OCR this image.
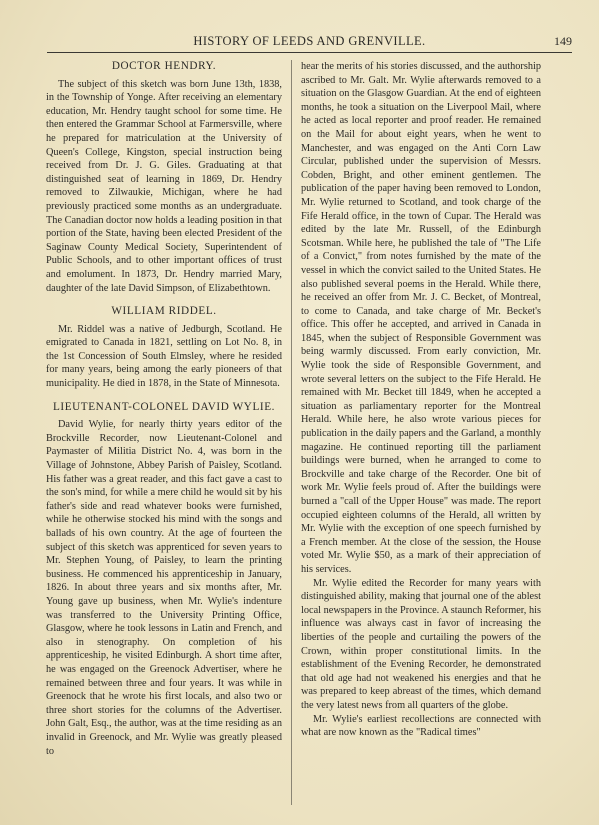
HISTORY OF LEEDS AND GRENVILLE.	149
DOCTOR HENDRY.

The subject of this sketch was born June 13th, 1838, in the Township of Yonge. After receiving an elementary education, Mr. Hendry taught school for some time. He then entered the Grammar School at Farmersville, where he prepared for matriculation at the University of Queen's College, Kingston, special instruction being received from Dr. J. G. Giles. Graduating at that distinguished seat of learning in 1869, Dr. Hendry removed to Zilwaukie, Michigan, where he had previously practiced some months as an undergraduate. The Canadian doctor now holds a leading position in that portion of the State, having been elected President of the Saginaw County Medical Society, Superintendent of Public Schools, and to other important offices of trust and emolument. In 1873, Dr. Hendry married Mary, daughter of the late David Simpson, of Elizabethtown.

WILLIAM RIDDEL.

Mr. Riddel was a native of Jedburgh, Scotland. He emigrated to Canada in 1821, settling on Lot No. 8, in the 1st Concession of South Elmsley, where he resided for many years, being among the early pioneers of that municipality. He died in 1878, in the State of Minnesota.

LIEUTENANT-COLONEL DAVID WYLIE.

David Wylie, for nearly thirty years editor of the Brockville Recorder, now Lieutenant-Colonel and Paymaster of Militia District No. 4, was born in the Village of Johnstone, Abbey Parish of Paisley, Scotland. His father was a great reader, and this fact gave a cast to the son's mind, for while a mere child he would sit by his father's side and read whatever books were furnished, while he otherwise stocked his mind with the songs and ballads of his own country. At the age of fourteen the subject of this sketch was apprenticed for seven years to Mr. Stephen Young, of Paisley, to learn the printing business. He commenced his apprenticeship in January, 1826. In about three years and six months after, Mr. Young gave up business, when Mr. Wylie's indenture was transferred to the University Printing Office, Glasgow, where he took lessons in Latin and French, and also in stenography. On completion of his apprenticeship, he visited Edinburgh. A short time after, he was engaged on the Greenock Advertiser, where he remained between three and four years. It was while in Greenock that he wrote his first locals, and also two or three short stories for the columns of the Advertiser. John Galt, Esq., the author, was at the time residing as an invalid in Greenock, and Mr. Wylie was greatly pleased to

hear the merits of his stories discussed, and the authorship ascribed to Mr. Galt. Mr. Wylie afterwards removed to a situation on the Glasgow Guardian. At the end of eighteen months, he took a situation on the Liverpool Mail, where he acted as local reporter and proof reader. He remained on the Mail for about eight years, when he went to Manchester, and was engaged on the Anti Corn Law Circular, published under the supervision of Messrs. Cobden, Bright, and other eminent gentlemen. The publication of the paper having been removed to London, Mr. Wylie returned to Scotland, and took charge of the Fife Herald office, in the town of Cupar. The Herald was edited by the late Mr. Russell, of the Edinburgh Scotsman. While here, he published the tale of "The Life of a Convict," from notes furnished by the mate of the vessel in which the convict sailed to the United States. He also published several poems in the Herald. While there, he received an offer from Mr. J. C. Becket, of Montreal, to come to Canada, and take charge of Mr. Becket's office. This offer he accepted, and arrived in Canada in 1845, when the subject of Responsible Government was being warmly discussed. From early conviction, Mr. Wylie took the side of Responsible Government, and wrote several letters on the subject to the Fife Herald. He remained with Mr. Becket till 1849, when he accepted a situation as parliamentary reporter for the Montreal Herald. While here, he also wrote various pieces for publication in the daily papers and the Garland, a monthly magazine. He continued reporting till the parliament buildings were burned, when he arranged to come to Brockville and take charge of the Recorder. One bit of work Mr. Wylie feels proud of. After the buildings were burned a "call of the Upper House" was made. The report occupied eighteen columns of the Herald, all written by Mr. Wylie with the exception of one speech furnished by a French member. At the close of the session, the House voted Mr. Wylie $50, as a mark of their appreciation of his services.

Mr. Wylie edited the Recorder for many years with distinguished ability, making that journal one of the ablest local newspapers in the Province. A staunch Reformer, his influence was always cast in favor of increasing the liberties of the people and curtailing the powers of the Crown, within proper constitutional limits. In the establishment of the Evening Recorder, he demonstrated that old age had not weakened his energies and that he was prepared to keep abreast of the times, which demand the very latest news from all quarters of the globe.

Mr. Wylie's earliest recollections are connected with what are now known as the "Radical times"
